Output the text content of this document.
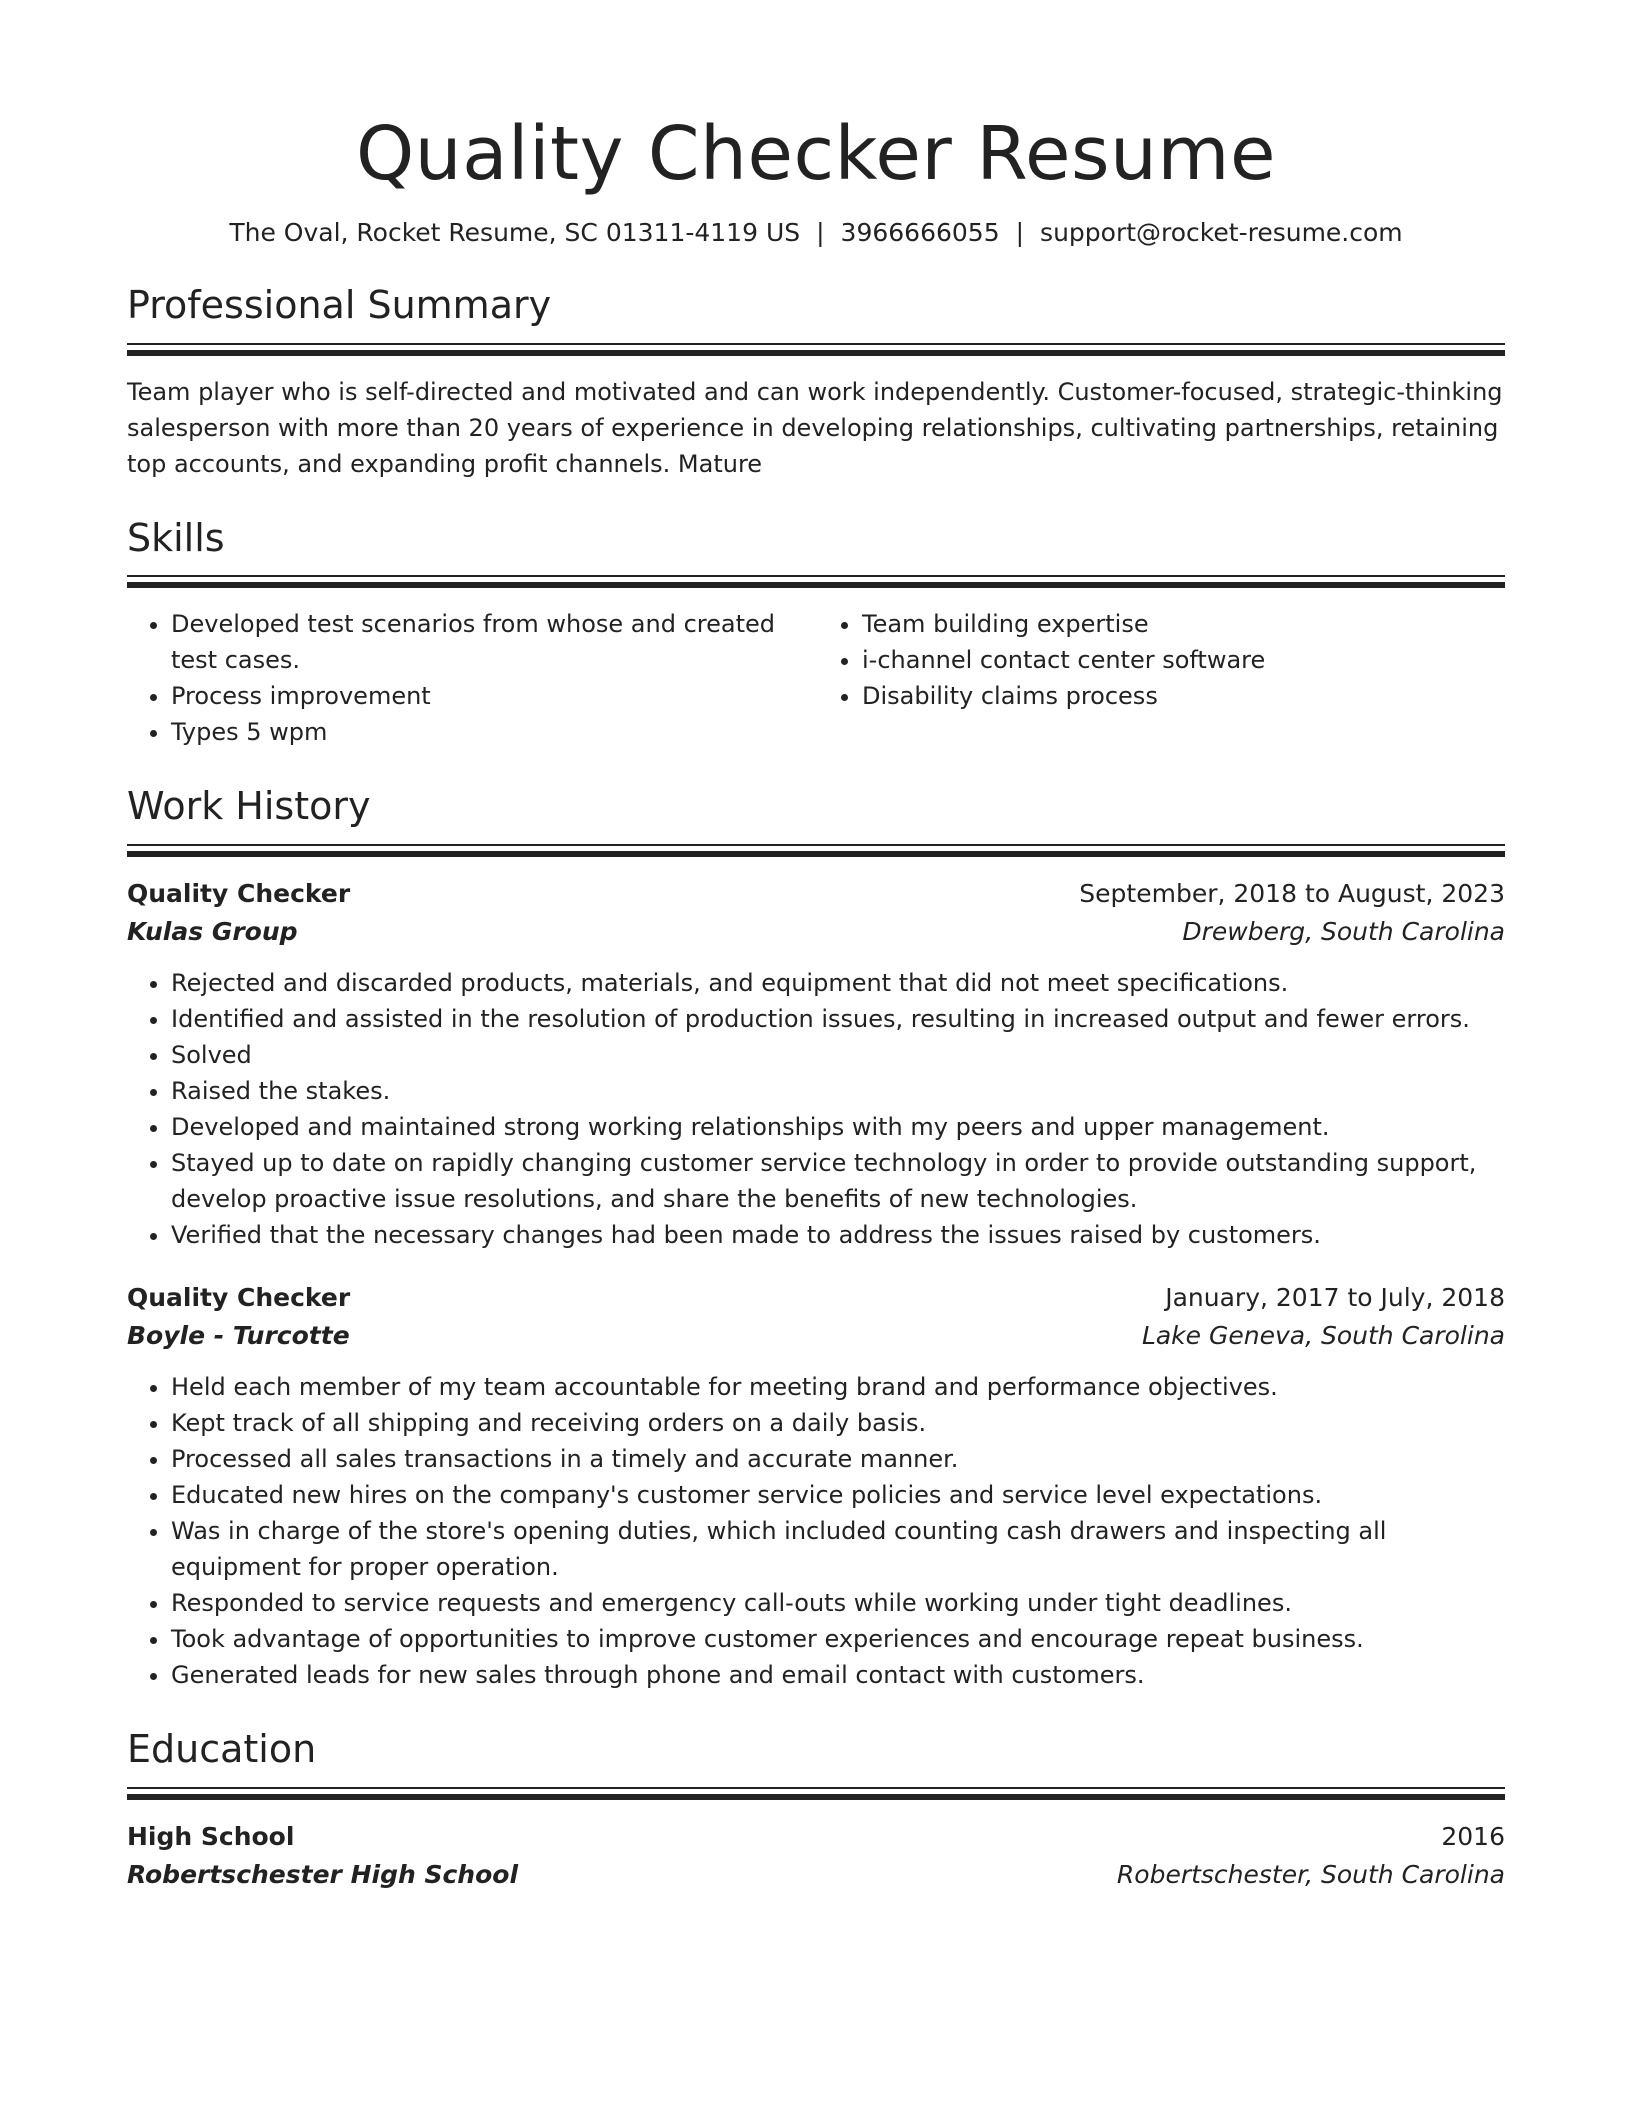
Quality Checker Resume
The Oval, Rocket Resume, SC 01311-4119 US | 3966666055 | support@rocket-resume.com
Professional Summary

Team player who is self-directed and motivated and can work independently. Customer-focused, strategic-thinking salesperson with more than 20 years of experience in developing relationships, cultivating partnerships, retaining top accounts, and expanding profit channels. Mature

Skills
• Developed test scenarios from whose and created test cases.
• Process improvement
• Types 5 wpm
• Team building expertise
• i-channel contact center software
• Disability claims process
Work History
Quality Checker	September, 2018 to August, 2023
Kulas Group	Drewberg, South Carolina
• Rejected and discarded products, materials, and equipment that did not meet specifications.
• Identified and assisted in the resolution of production issues, resulting in increased output and fewer errors.
• Solved
• Raised the stakes.
• Developed and maintained strong working relationships with my peers and upper management.
• Stayed up to date on rapidly changing customer service technology in order to provide outstanding support, develop proactive issue resolutions, and share the benefits of new technologies.
• Verified that the necessary changes had been made to address the issues raised by customers.
Quality Checker	January, 2017 to July, 2018
Boyle - Turcotte	Lake Geneva, South Carolina
• Held each member of my team accountable for meeting brand and performance objectives.
• Kept track of all shipping and receiving orders on a daily basis.
• Processed all sales transactions in a timely and accurate manner.
• Educated new hires on the company's customer service policies and service level expectations.
• Was in charge of the store's opening duties, which included counting cash drawers and inspecting all equipment for proper operation.
• Responded to service requests and emergency call-outs while working under tight deadlines.
• Took advantage of opportunities to improve customer experiences and encourage repeat business.
• Generated leads for new sales through phone and email contact with customers.
Education
High School	2016
Robertschester High School	Robertschester, South Carolina
